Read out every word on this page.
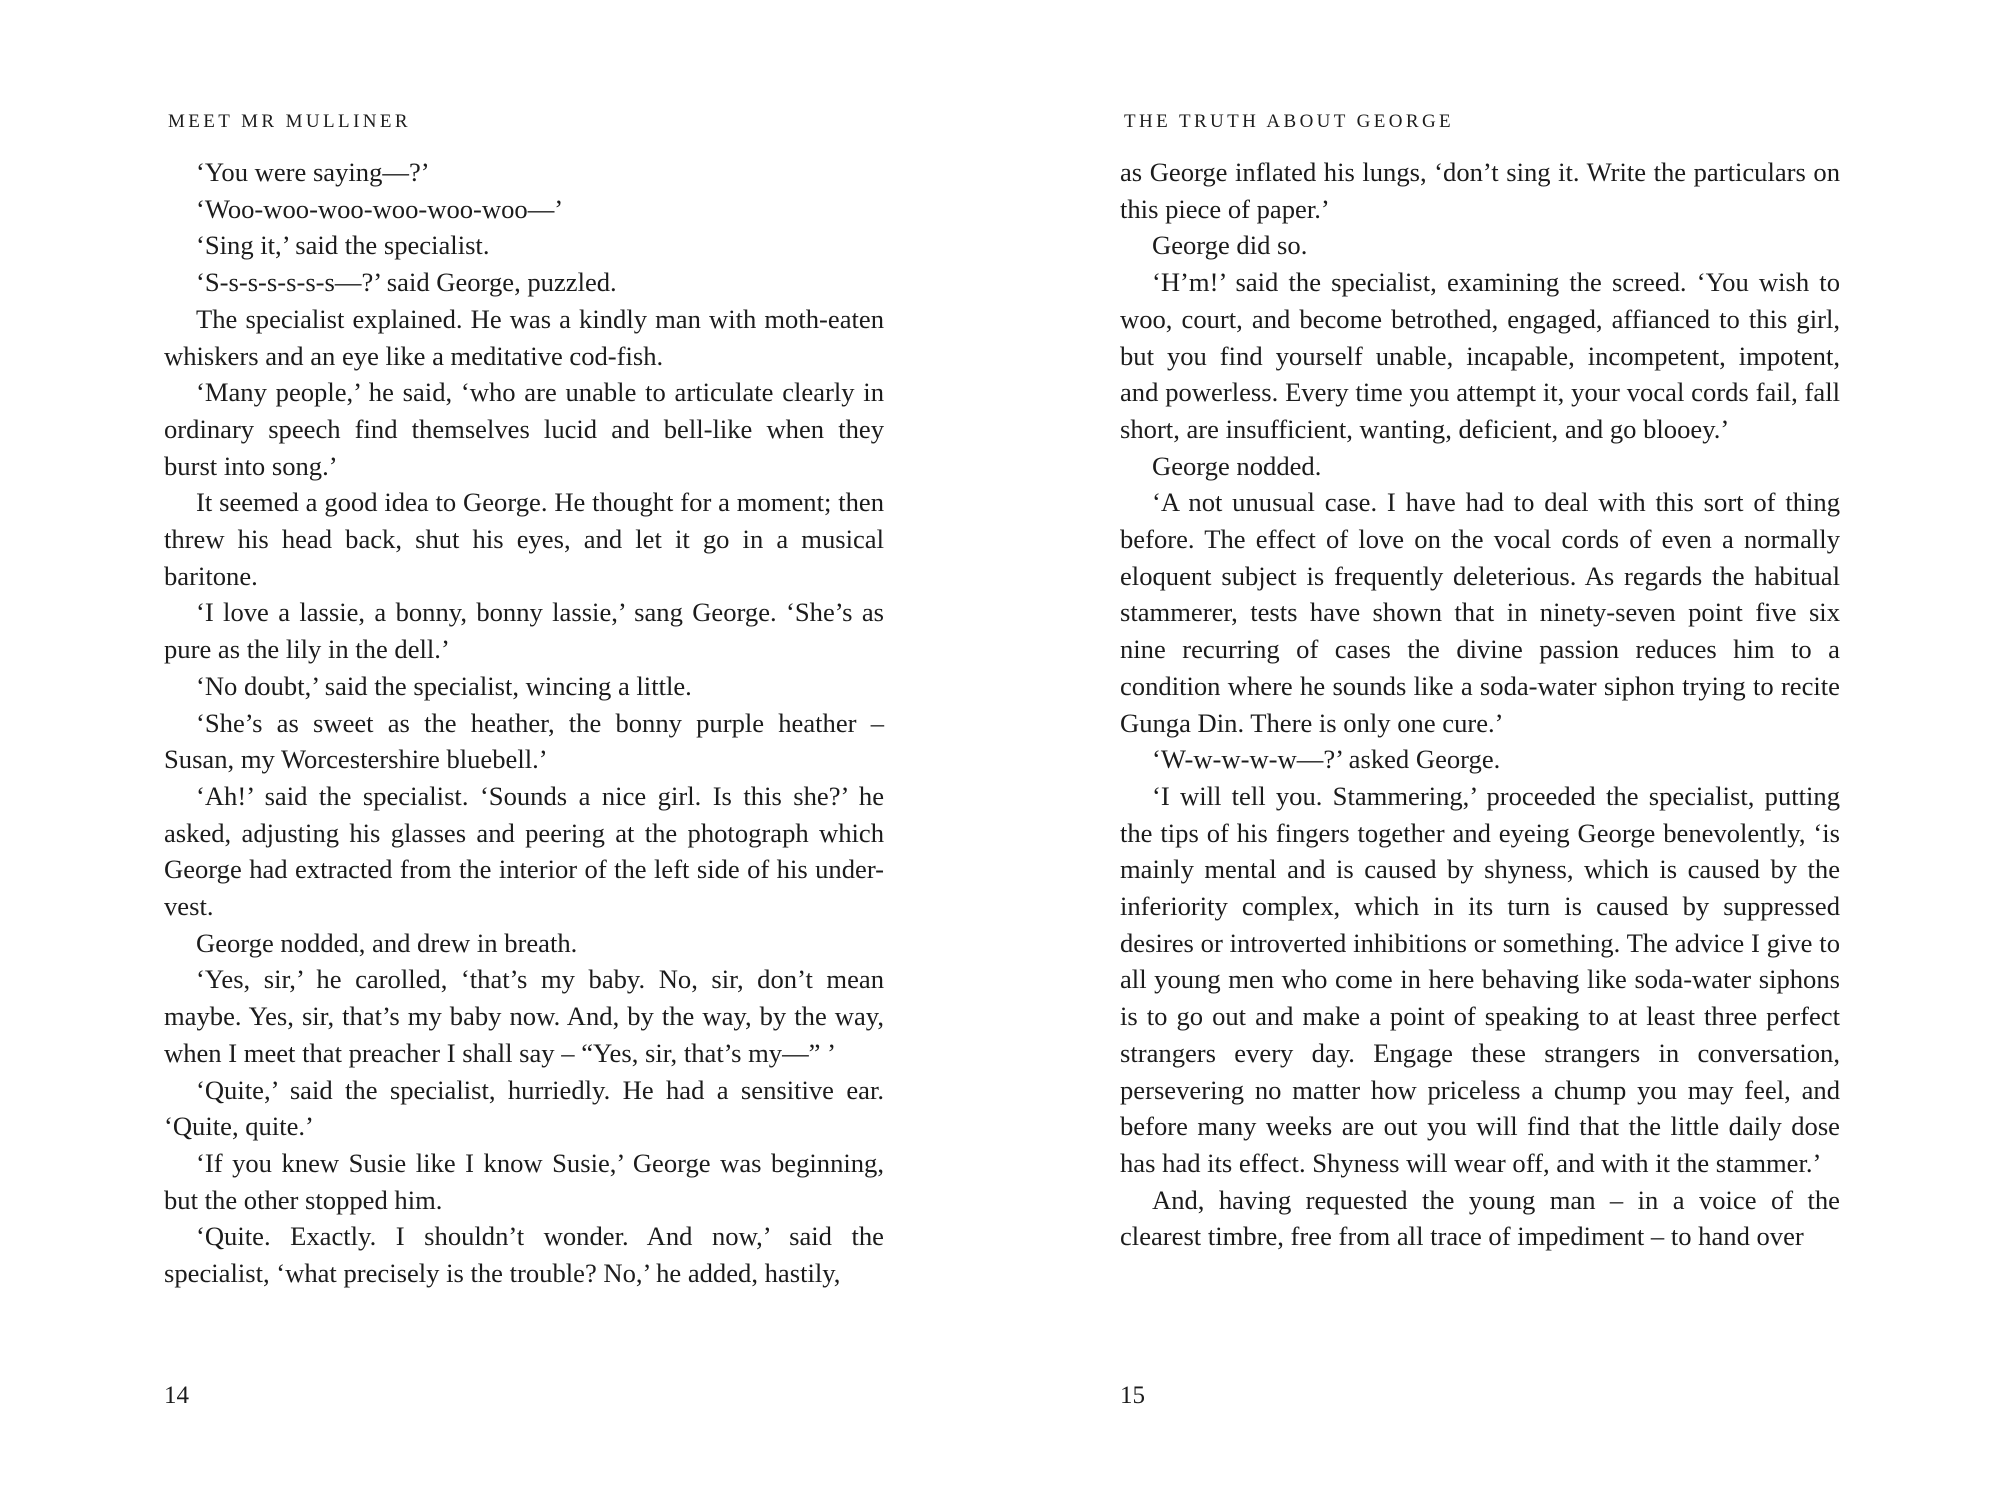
MEET MR MULLINER

‘You were saying—?’

‘Woo-woo-woo-woo-woo-woo—’

‘Sing it,’ said the specialist.

‘S-s-s-s-s-s-s—?’ said George, puzzled.

The specialist explained. He was a kindly man with moth-eaten whiskers and an eye like a meditative cod-fish.

‘Many people,’ he said, ‘who are unable to articulate clearly in ordinary speech find themselves lucid and bell-like when they burst into song.’

It seemed a good idea to George. He thought for a moment; then threw his head back, shut his eyes, and let it go in a musical baritone.

‘I love a lassie, a bonny, bonny lassie,’ sang George. ‘She’s as pure as the lily in the dell.’

‘No doubt,’ said the specialist, wincing a little.

‘She’s as sweet as the heather, the bonny purple heather – Susan, my Worcestershire bluebell.’

‘Ah!’ said the specialist. ‘Sounds a nice girl. Is this she?’ he asked, adjusting his glasses and peering at the photograph which George had extracted from the interior of the left side of his under-vest.

George nodded, and drew in breath.

‘Yes, sir,’ he carolled, ‘that’s my baby. No, sir, don’t mean maybe. Yes, sir, that’s my baby now. And, by the way, by the way, when I meet that preacher I shall say – “Yes, sir, that’s my—” ’

‘Quite,’ said the specialist, hurriedly. He had a sensitive ear. ‘Quite, quite.’

‘If you knew Susie like I know Susie,’ George was beginning, but the other stopped him.

‘Quite. Exactly. I shouldn’t wonder. And now,’ said the specialist, ‘what precisely is the trouble? No,’ he added, hastily,

14
THE TRUTH ABOUT GEORGE

as George inflated his lungs, ‘don’t sing it. Write the particulars on this piece of paper.’

George did so.

‘H’m!’ said the specialist, examining the screed. ‘You wish to woo, court, and become betrothed, engaged, affianced to this girl, but you find yourself unable, incapable, incompetent, impotent, and powerless. Every time you attempt it, your vocal cords fail, fall short, are insufficient, wanting, deficient, and go blooey.’

George nodded.

‘A not unusual case. I have had to deal with this sort of thing before. The effect of love on the vocal cords of even a normally eloquent subject is frequently deleterious. As regards the habitual stammerer, tests have shown that in ninety-seven point five six nine recurring of cases the divine passion reduces him to a condition where he sounds like a soda-water siphon trying to recite Gunga Din. There is only one cure.’

‘W-w-w-w-w—?’ asked George.

‘I will tell you. Stammering,’ proceeded the specialist, putting the tips of his fingers together and eyeing George benevolently, ‘is mainly mental and is caused by shyness, which is caused by the inferiority complex, which in its turn is caused by suppressed desires or introverted inhibitions or something. The advice I give to all young men who come in here behaving like soda-water siphons is to go out and make a point of speaking to at least three perfect strangers every day. Engage these strangers in conversation, persevering no matter how priceless a chump you may feel, and before many weeks are out you will find that the little daily dose has had its effect. Shyness will wear off, and with it the stammer.’

And, having requested the young man – in a voice of the clearest timbre, free from all trace of impediment – to hand over

15
